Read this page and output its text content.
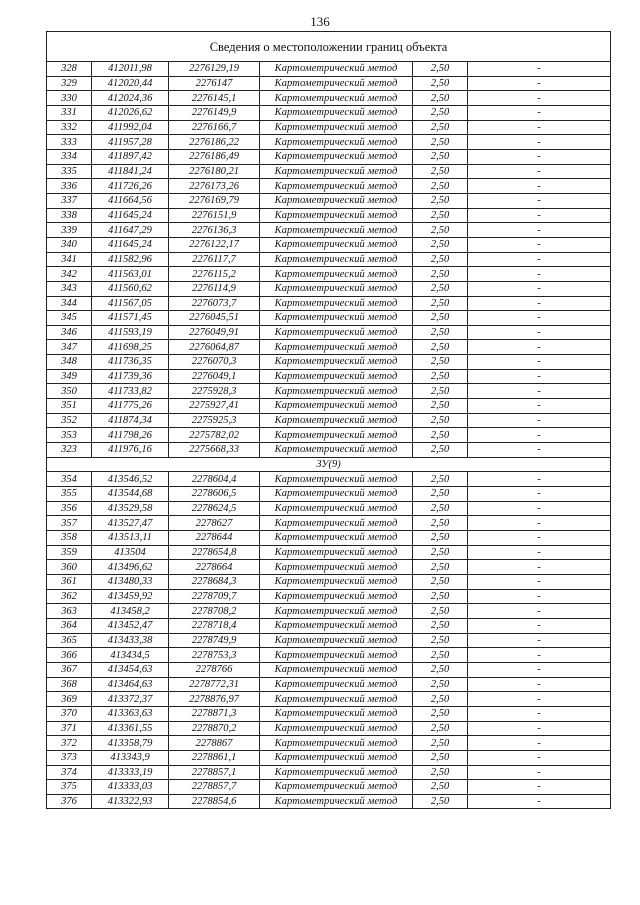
136
Сведения о местоположении границ объекта					
328	412011,98	2276129,19	Картометрический метод	2,50	-
329	412020,44	2276147	Картометрический метод	2,50	-
330	412024,36	2276145,1	Картометрический метод	2,50	-
331	412026,62	2276149,9	Картометрический метод	2,50	-
332	411992,04	2276166,7	Картометрический метод	2,50	-
333	411957,28	2276186,22	Картометрический метод	2,50	-
334	411897,42	2276186,49	Картометрический метод	2,50	-
335	411841,24	2276180,21	Картометрический метод	2,50	-
336	411726,26	2276173,26	Картометрический метод	2,50	-
337	411664,56	2276169,79	Картометрический метод	2,50	-
338	411645,24	2276151,9	Картометрический метод	2,50	-
339	411647,29	2276136,3	Картометрический метод	2,50	-
340	411645,24	2276122,17	Картометрический метод	2,50	-
341	411582,96	2276117,7	Картометрический метод	2,50	-
342	411563,01	2276115,2	Картометрический метод	2,50	-
343	411560,62	2276114,9	Картометрический метод	2,50	-
344	411567,05	2276073,7	Картометрический метод	2,50	-
345	411571,45	2276045,51	Картометрический метод	2,50	-
346	411593,19	2276049,91	Картометрический метод	2,50	-
347	411698,25	2276064,87	Картометрический метод	2,50	-
348	411736,35	2276070,3	Картометрический метод	2,50	-
349	411739,36	2276049,1	Картометрический метод	2,50	-
350	411733,82	2275928,3	Картометрический метод	2,50	-
351	411775,26	2275927,41	Картометрический метод	2,50	-
352	411874,34	2275925,3	Картометрический метод	2,50	-
353	411798,26	2275782,02	Картометрический метод	2,50	-
323	411976,16	2275668,33	Картометрический метод	2,50	-
ЗУ(9)					
354	413546,52	2278604,4	Картометрический метод	2,50	-
355	413544,68	2278606,5	Картометрический метод	2,50	-
356	413529,58	2278624,5	Картометрический метод	2,50	-
357	413527,47	2278627	Картометрический метод	2,50	-
358	413513,11	2278644	Картометрический метод	2,50	-
359	413504	2278654,8	Картометрический метод	2,50	-
360	413496,62	2278664	Картометрический метод	2,50	-
361	413480,33	2278684,3	Картометрический метод	2,50	-
362	413459,92	2278709,7	Картометрический метод	2,50	-
363	413458,2	2278708,2	Картометрический метод	2,50	-
364	413452,47	2278718,4	Картометрический метод	2,50	-
365	413433,38	2278749,9	Картометрический метод	2,50	-
366	413434,5	2278753,3	Картометрический метод	2,50	-
367	413454,63	2278766	Картометрический метод	2,50	-
368	413464,63	2278772,31	Картометрический метод	2,50	-
369	413372,37	2278876,97	Картометрический метод	2,50	-
370	413363,63	2278871,3	Картометрический метод	2,50	-
371	413361,55	2278870,2	Картометрический метод	2,50	-
372	413358,79	2278867	Картометрический метод	2,50	-
373	413343,9	2278861,1	Картометрический метод	2,50	-
374	413333,19	2278857,1	Картометрический метод	2,50	-
375	413333,03	2278857,7	Картометрический метод	2,50	-
376	413322,93	2278854,6	Картометрический метод	2,50	-
